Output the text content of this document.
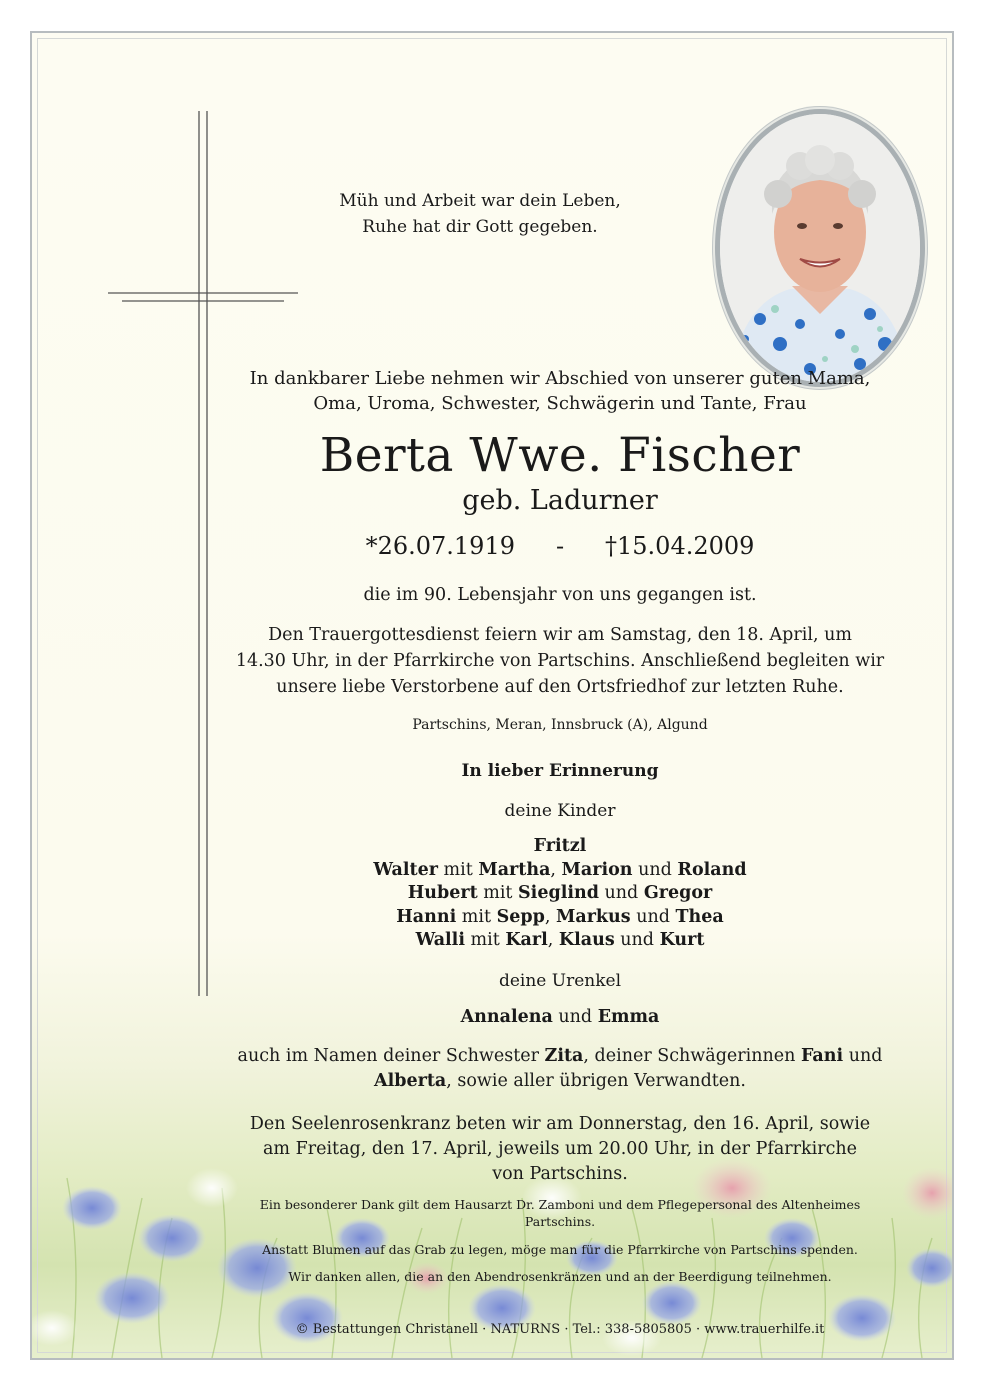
Müh und Arbeit war dein Leben,
Ruhe hat dir Gott gegeben.
In dankbarer Liebe nehmen wir Abschied von unserer guten Mama,
Oma, Uroma, Schwester, Schwägerin und Tante, Frau
Berta Wwe. Fischer
geb. Ladurner
*26.07.1919 - †15.04.2009
die im 90. Lebensjahr von uns gegangen ist.
Den Trauergottesdienst feiern wir am Samstag, den 18. April, um
14.30 Uhr, in der Pfarrkirche von Partschins. Anschließend begleiten wir
unsere liebe Verstorbene auf den Ortsfriedhof zur letzten Ruhe.
Partschins, Meran, Innsbruck (A), Algund
In lieber Erinnerung
deine Kinder
Fritzl
Walter mit Martha, Marion und Roland
Hubert mit Sieglind und Gregor
Hanni mit Sepp, Markus und Thea
Walli mit Karl, Klaus und Kurt
deine Urenkel
Annalena und Emma
auch im Namen deiner Schwester Zita, deiner Schwägerinnen Fani und
Alberta, sowie aller übrigen Verwandten.
Den Seelenrosenkranz beten wir am Donnerstag, den 16. April, sowie
am Freitag, den 17. April, jeweils um 20.00 Uhr, in der Pfarrkirche
von Partschins.
Ein besonderer Dank gilt dem Hausarzt Dr. Zamboni und dem Pflegepersonal des Altenheimes
Partschins.
Anstatt Blumen auf das Grab zu legen, möge man für die Pfarrkirche von Partschins spenden.
Wir danken allen, die an den Abendrosenkränzen und an der Beerdigung teilnehmen.
© Bestattungen Christanell · NATURNS · Tel.: 338-5805805 · www.trauerhilfe.it
